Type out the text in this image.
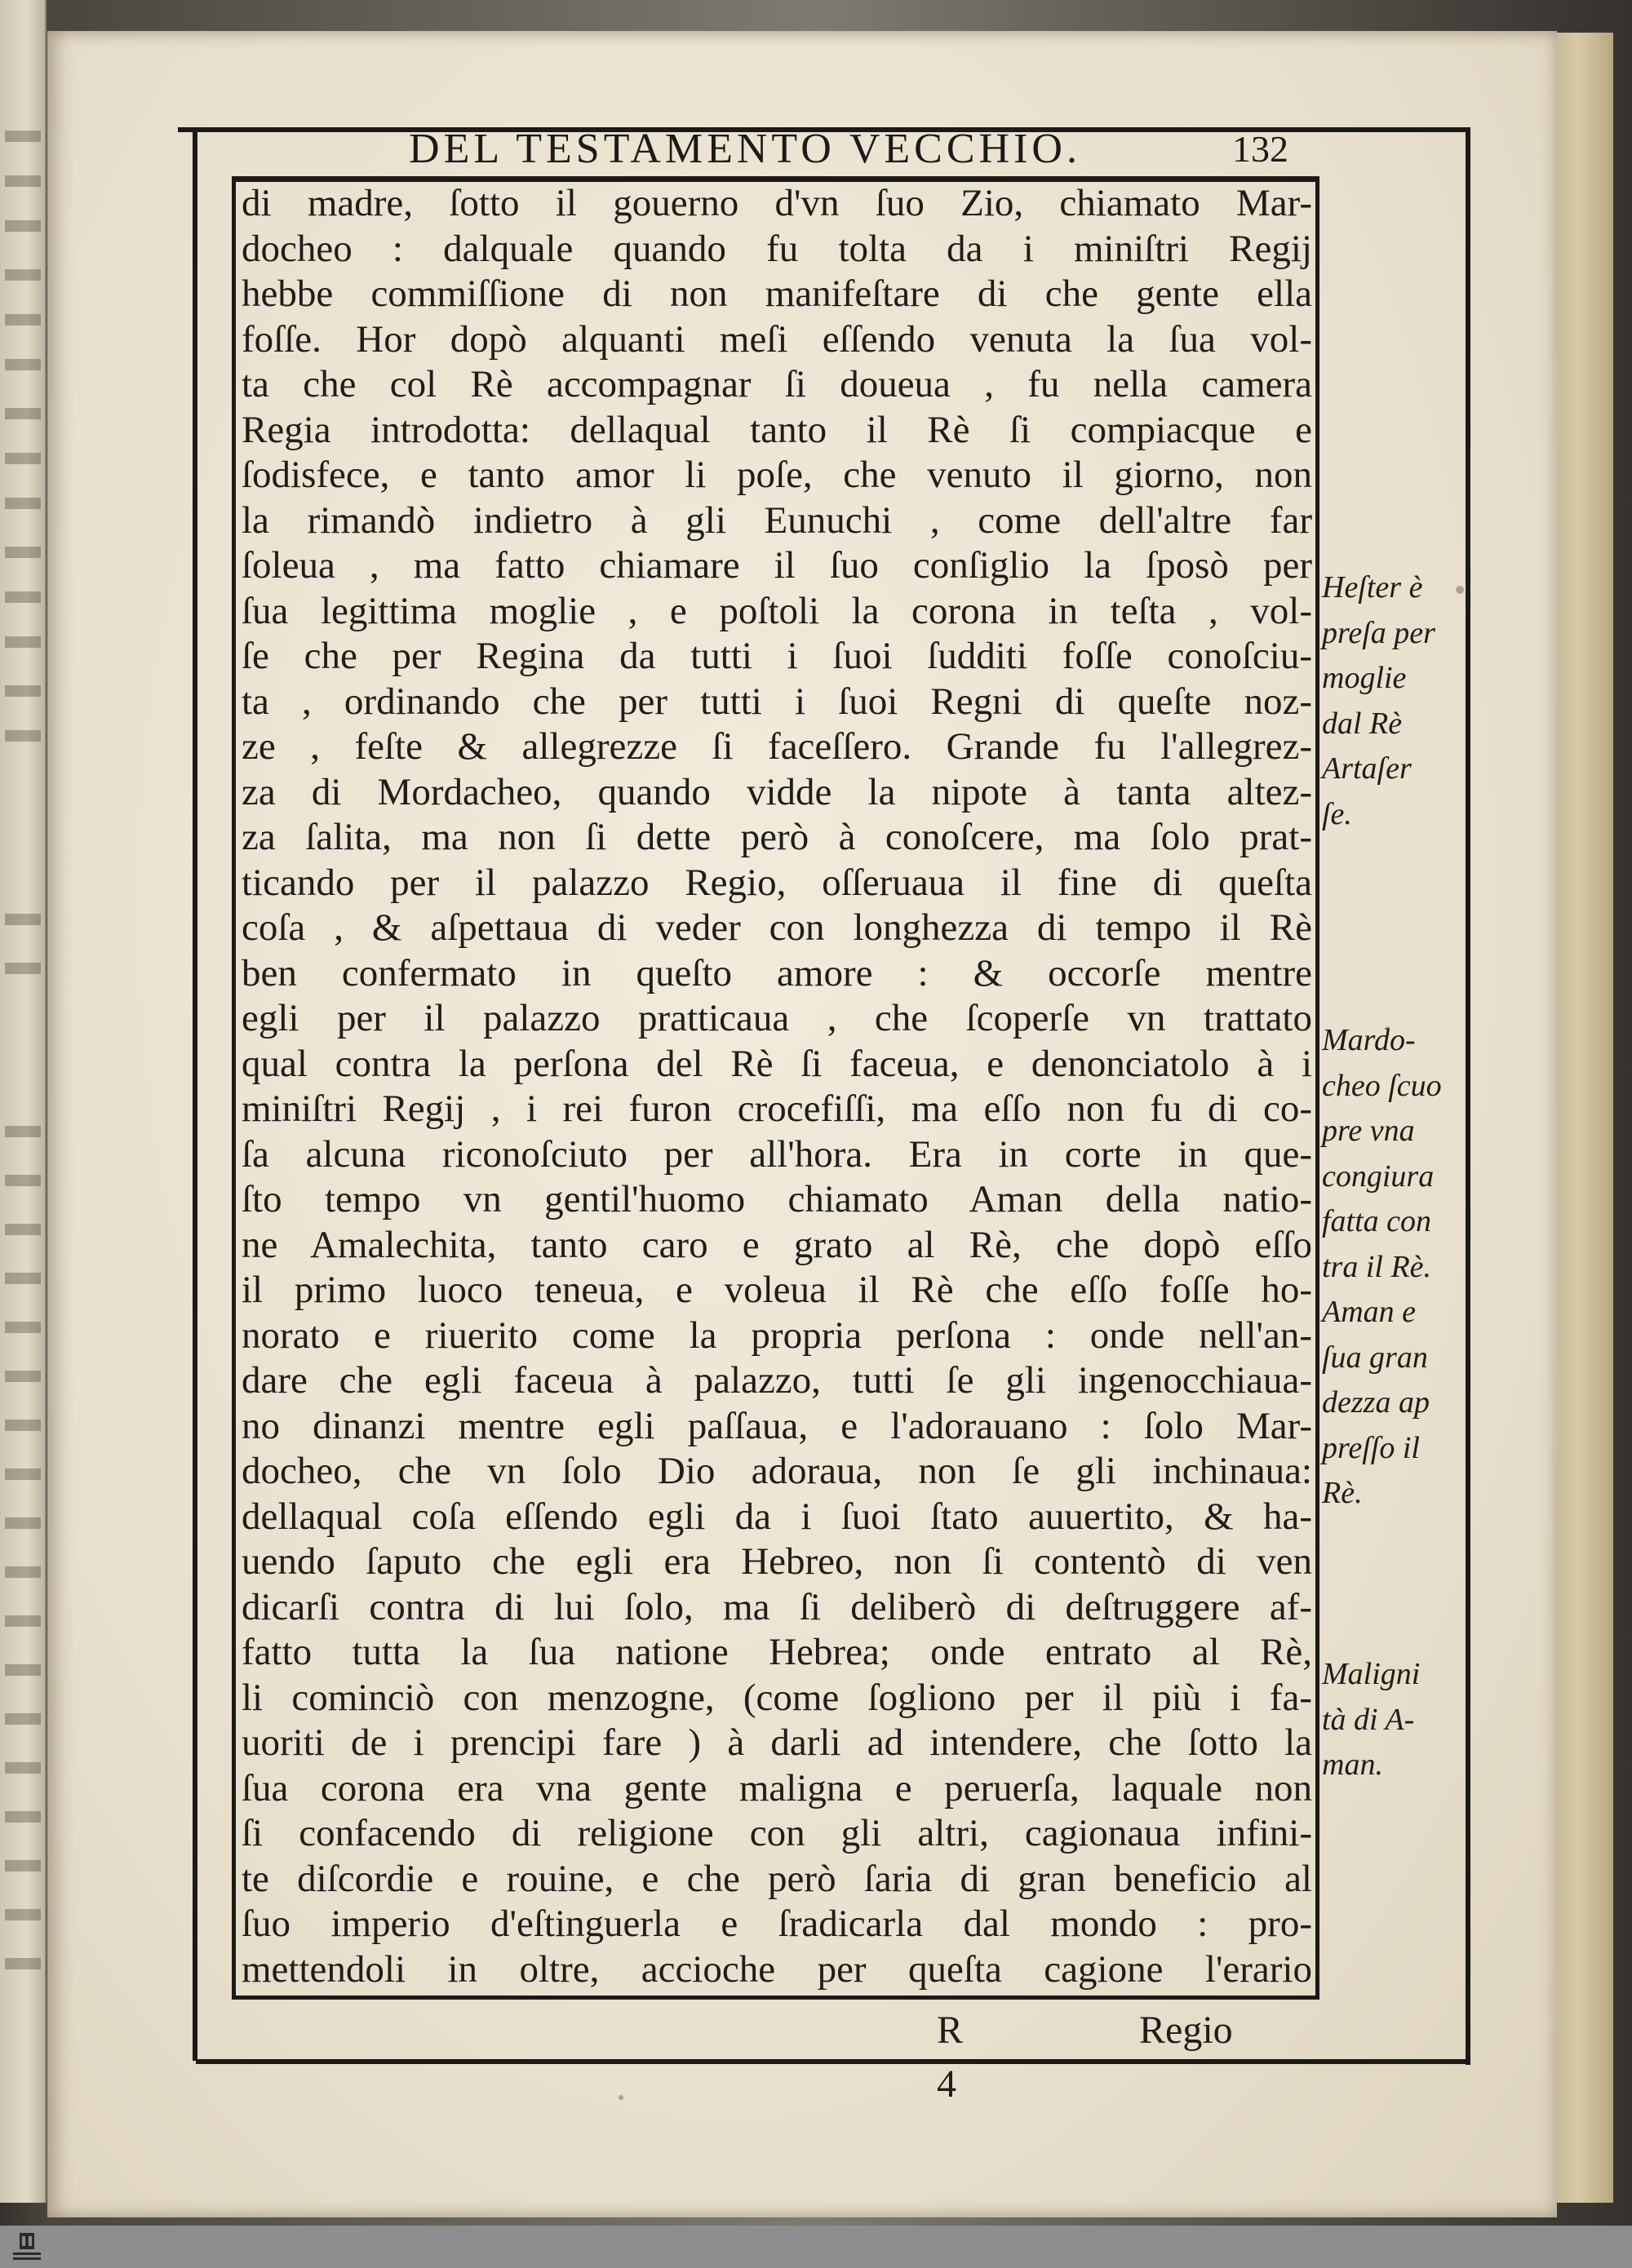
DEL TESTAMENTO VECCHIO.	132
di madre, ſotto il gouerno d'vn ſuo Zio, chiamato Mar-
docheo : dalquale quando fu tolta da i miniſtri Regij
hebbe commiſſione di non manifeſtare di che gente ella
foſſe. Hor dopò alquanti meſi eſſendo venuta la ſua vol-
ta che col Rè accompagnar ſi doueua , fu nella camera
Regia introdotta: dellaqual tanto il Rè ſi compiacque e
ſodisfece, e tanto amor li poſe, che venuto il giorno, non
la rimandò indietro à gli Eunuchi , come dell'altre far
ſoleua , ma fatto chiamare il ſuo conſiglio la ſposò per
ſua legittima moglie , e poſtoli la corona in teſta , vol-
ſe che per Regina da tutti i ſuoi ſudditi foſſe conoſciu-
ta , ordinando che per tutti i ſuoi Regni di queſte noz-
ze , feſte & allegrezze ſi faceſſero. Grande fu l'allegrez-
za di Mordacheo, quando vidde la nipote à tanta altez-
za ſalita, ma non ſi dette però à conoſcere, ma ſolo prat-
ticando per il palazzo Regio, oſſeruaua il fine di queſta
coſa , & aſpettaua di veder con longhezza di tempo il Rè
ben confermato in queſto amore : & occorſe mentre
egli per il palazzo pratticaua , che ſcoperſe vn trattato
qual contra la perſona del Rè ſi faceua, e denonciatolo à i
miniſtri Regij , i rei furon crocefiſſi, ma eſſo non fu di co-
ſa alcuna riconoſciuto per all'hora. Era in corte in que-
ſto tempo vn gentil'huomo chiamato Aman della natio-
ne Amalechita, tanto caro e grato al Rè, che dopò eſſo
il primo luoco teneua, e voleua il Rè che eſſo foſſe ho-
norato e riuerito come la propria perſona : onde nell'an-
dare che egli faceua à palazzo, tutti ſe gli ingenocchiaua-
no dinanzi mentre egli paſſaua, e l'adorauano : ſolo Mar-
docheo, che vn ſolo Dio adoraua, non ſe gli inchinaua:
dellaqual coſa eſſendo egli da i ſuoi ſtato auuertito, & ha-
uendo ſaputo che egli era Hebreo, non ſi contentò di ven
dicarſi contra di lui ſolo, ma ſi deliberò di deſtruggere af-
fatto tutta la ſua natione Hebrea; onde entrato al Rè,
li cominciò con menzogne, (come ſogliono per il più i fa-
uoriti de i prencipi fare ) à darli ad intendere, che ſotto la
ſua corona era vna gente maligna e peruerſa, laquale non
ſi confacendo di religione con gli altri, cagionaua infini-
te diſcordie e rouine, e che però ſaria di gran beneficio al
ſuo imperio d'eſtinguerla e ſradicarla dal mondo : pro-
mettendoli in oltre, accioche per queſta cagione l'erario
Heſter è
preſa per
moglie
dal Rè
Artaſer
ſe.
Mardo-
cheo ſcuo
pre vna
congiura
fatta con
tra il Rè.
Aman e
ſua gran
dezza ap
preſſo il
Rè.
Maligni
tà di A-
man.
R 4
Regio
